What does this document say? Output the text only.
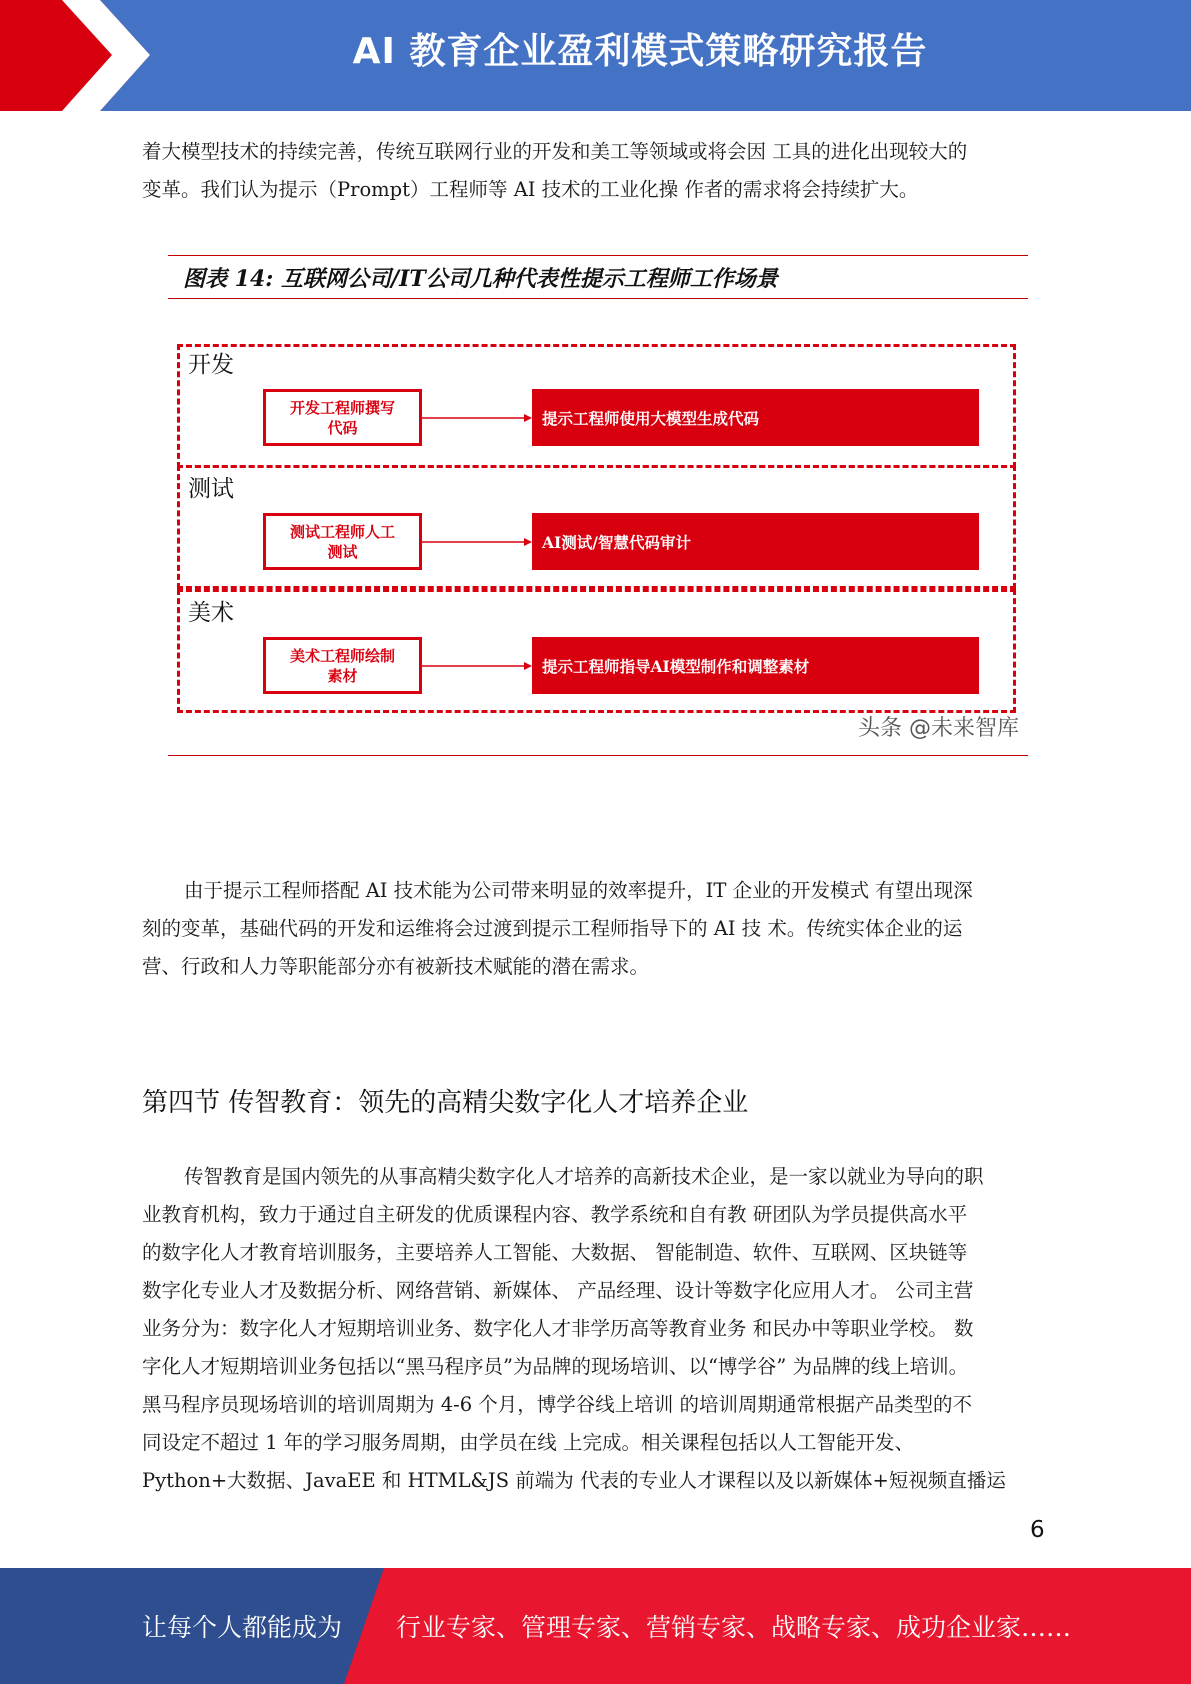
AI 教育企业盈利模式策略研究报告

着大模型技术的持续完善，传统互联网行业的开发和美工等领域或将会因 工具的进化出现较大的

变革。我们认为提示（Prompt）工程师等 AI 技术的工业化操 作者的需求将会持续扩大。

图表 14: 互联网公司/IT公司几种代表性提示工程师工作场景
开发
开发工程师撰写
代码	提示工程师使用大模型生成代码
测试
测试工程师人工
测试	AI测试/智慧代码审计
美术
美术工程师绘制
素材	提示工程师指导AI模型制作和调整素材
头条 @未来智库

由于提示工程师搭配 AI 技术能为公司带来明显的效率提升，IT 企业的开发模式 有望出现深

刻的变革，基础代码的开发和运维将会过渡到提示工程师指导下的 AI 技 术。传统实体企业的运

营、行政和人力等职能部分亦有被新技术赋能的潜在需求。

第四节 传智教育：领先的高精尖数字化人才培养企业

传智教育是国内领先的从事高精尖数字化人才培养的高新技术企业，是一家以就业为导向的职

业教育机构，致力于通过自主研发的优质课程内容、教学系统和自有教 研团队为学员提供高水平

的数字化人才教育培训服务，主要培养人工智能、大数据、 智能制造、软件、互联网、区块链等

数字化专业人才及数据分析、网络营销、新媒体、 产品经理、设计等数字化应用人才。 公司主营

业务分为：数字化人才短期培训业务、数字化人才非学历高等教育业务 和民办中等职业学校。 数

字化人才短期培训业务包括以“黑马程序员”为品牌的现场培训、以“博学谷” 为品牌的线上培训。

黑马程序员现场培训的培训周期为 4-6 个月，博学谷线上培训 的培训周期通常根据产品类型的不

同设定不超过 1 年的学习服务周期，由学员在线 上完成。相关课程包括以人工智能开发、

Python+大数据、JavaEE 和 HTML&JS 前端为 代表的专业人才课程以及以新媒体+短视频直播运

6
让每个人都能成为 行业专家、管理专家、营销专家、战略专家、成功企业家……
